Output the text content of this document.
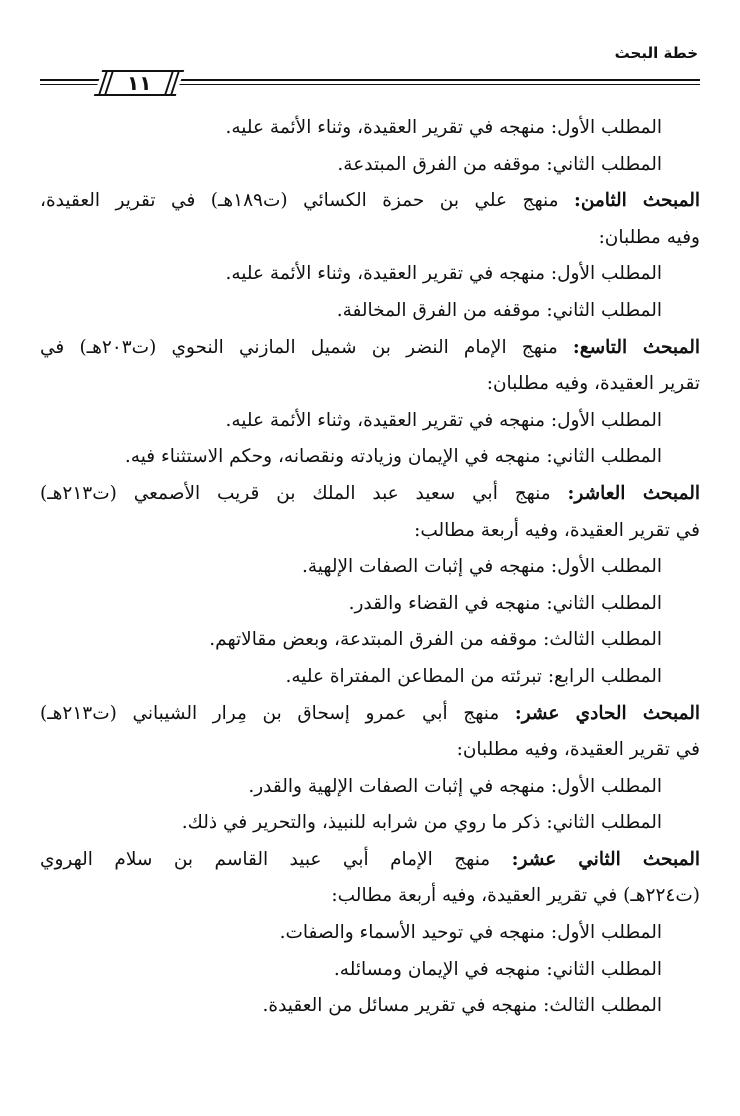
خطة البحث
١١
المطلب الأول: منهجه في تقرير العقيدة، وثناء الأئمة عليه.
المطلب الثاني: موقفه من الفرق المبتدعة.
المبحث الثامن: منهج علي بن حمزة الكسائي (ت١٨٩هـ) في تقرير العقيدة،
وفيه مطلبان:
المطلب الأول: منهجه في تقرير العقيدة، وثناء الأئمة عليه.
المطلب الثاني: موقفه من الفرق المخالفة.
المبحث التاسع: منهج الإمام النضر بن شميل المازني النحوي (ت٢٠٣هـ) في
تقرير العقيدة، وفيه مطلبان:
المطلب الأول: منهجه في تقرير العقيدة، وثناء الأئمة عليه.
المطلب الثاني: منهجه في الإيمان وزيادته ونقصانه، وحكم الاستثناء فيه.
المبحث العاشر: منهج أبي سعيد عبد الملك بن قريب الأصمعي (ت٢١٣هـ)
في تقرير العقيدة، وفيه أربعة مطالب:
المطلب الأول: منهجه في إثبات الصفات الإلهية.
المطلب الثاني: منهجه في القضاء والقدر.
المطلب الثالث: موقفه من الفرق المبتدعة، وبعض مقالاتهم.
المطلب الرابع: تبرئته من المطاعن المفتراة عليه.
المبحث الحادي عشر: منهج أبي عمرو إسحاق بن مِرار الشيباني (ت٢١٣هـ)
في تقرير العقيدة، وفيه مطلبان:
المطلب الأول: منهجه في إثبات الصفات الإلهية والقدر.
المطلب الثاني: ذكر ما روي من شرابه للنبيذ، والتحرير في ذلك.
المبحث الثاني عشر: منهج الإمام أبي عبيد القاسم بن سلام الهروي
(ت٢٢٤هـ) في تقرير العقيدة، وفيه أربعة مطالب:
المطلب الأول: منهجه في توحيد الأسماء والصفات.
المطلب الثاني: منهجه في الإيمان ومسائله.
المطلب الثالث: منهجه في تقرير مسائل من العقيدة.
